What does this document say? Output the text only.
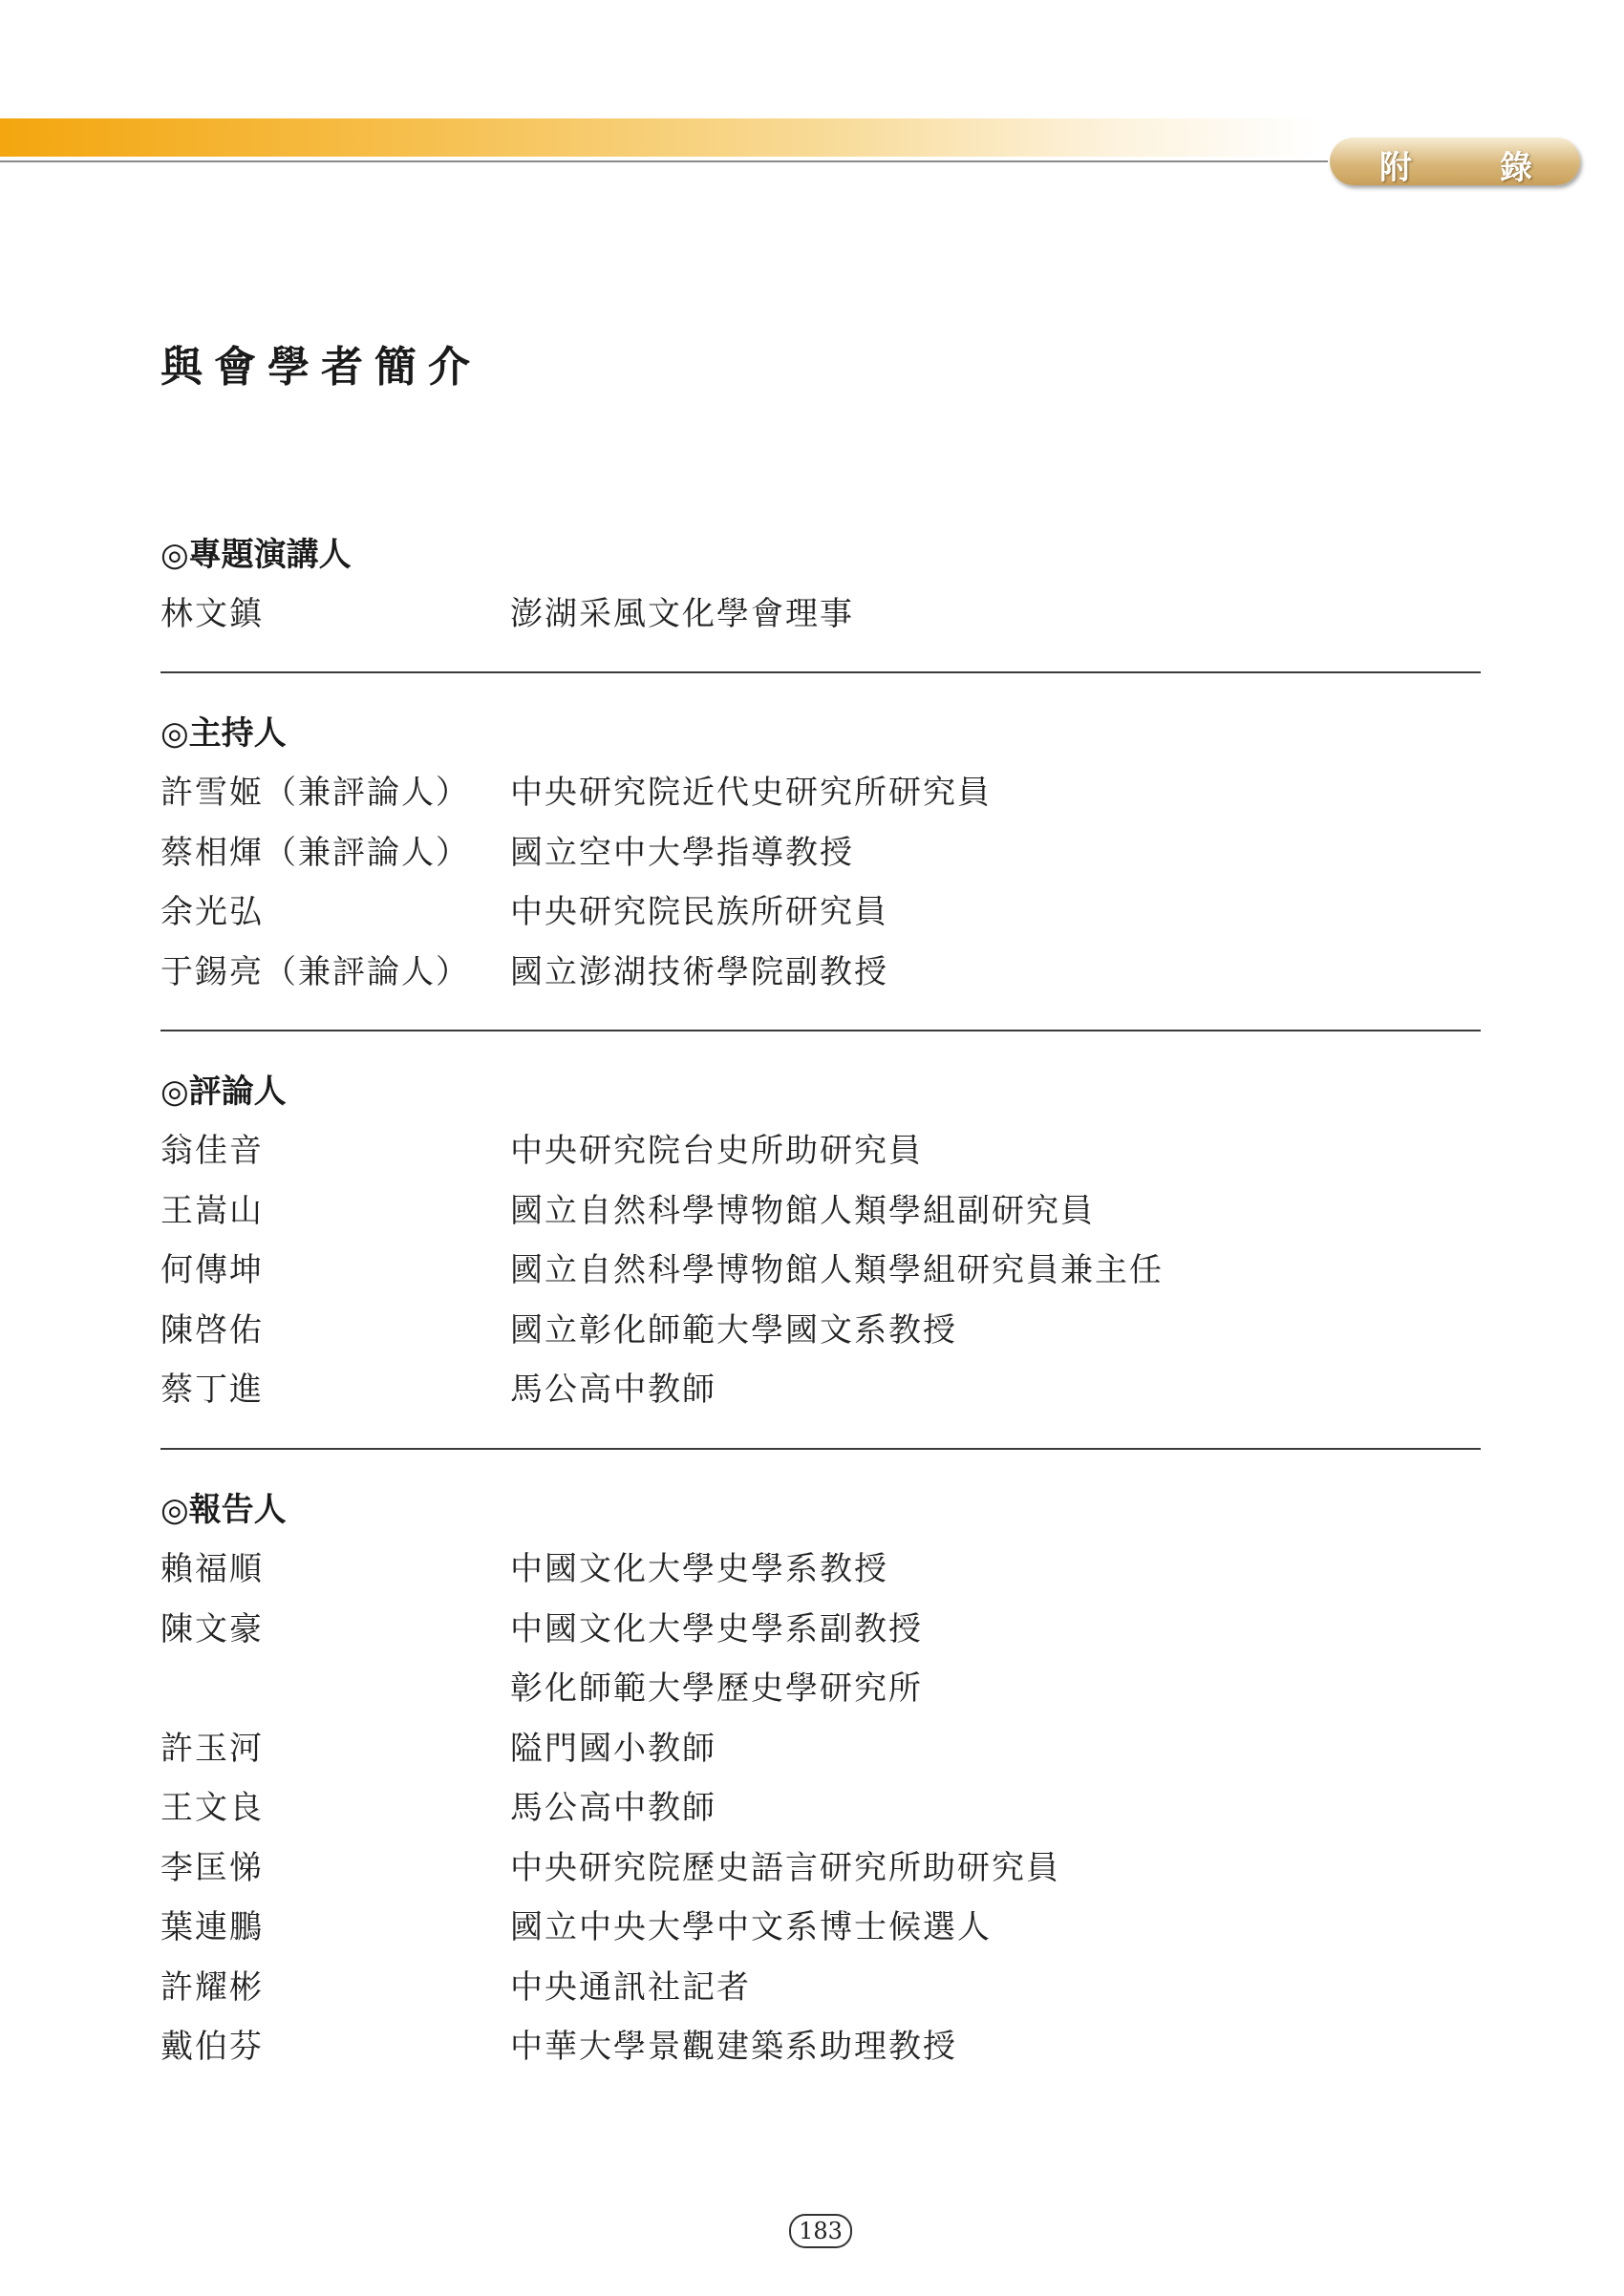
附	錄
與會學者簡介
◎專題演講人
林文鎮	澎湖采風文化學會理事
◎主持人
許雪姬（兼評論人） 中央研究院近代史研究所研究員
蔡相煇（兼評論人） 國立空中大學指導教授
余光弘	中央研究院民族所研究員
于錫亮（兼評論人） 國立澎湖技術學院副教授
◎評論人
翁佳音	中央研究院台史所助研究員
王嵩山	國立自然科學博物館人類學組副研究員
何傳坤	國立自然科學博物館人類學組研究員兼主任
陳啓佑	國立彰化師範大學國文系教授
蔡丁進	馬公高中教師
◎報告人
賴福順	中國文化大學史學系教授
陳文豪	中國文化大學史學系副教授
彰化師範大學歷史學研究所
許玉河	隘門國小教師
王文良	馬公高中教師
李匡悌	中央研究院歷史語言研究所助研究員
葉連鵬	國立中央大學中文系博士候選人
許耀彬	中央通訊社記者
戴伯芬	中華大學景觀建築系助理教授
183
